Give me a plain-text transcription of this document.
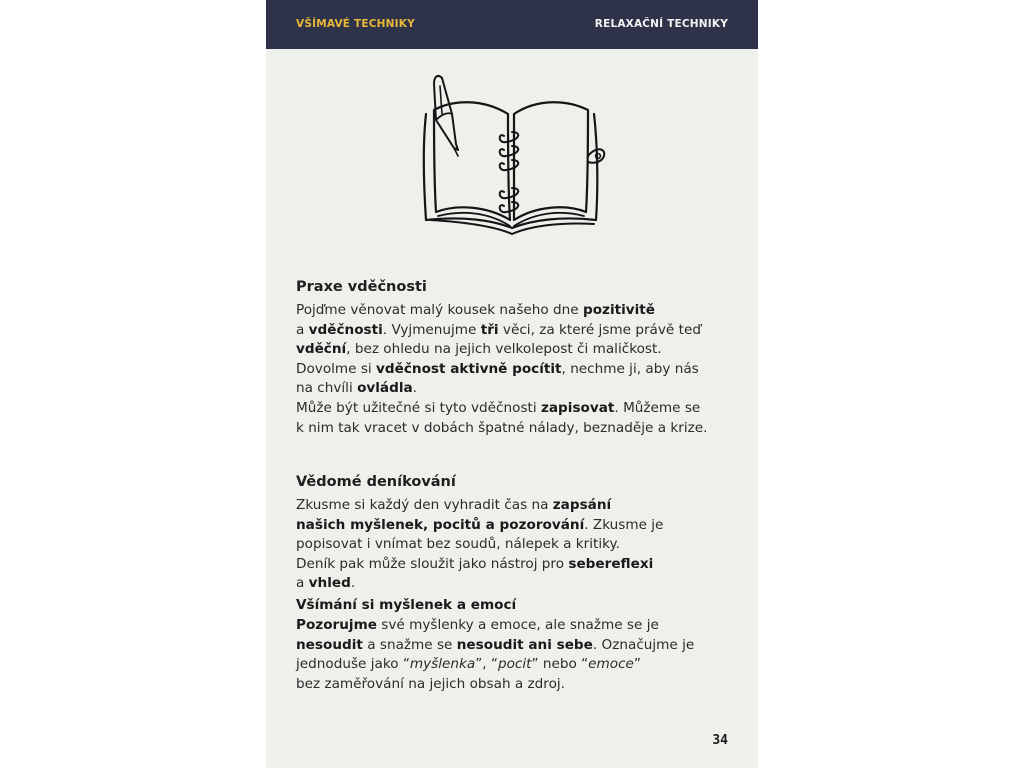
VŠÍMAVÉ TECHNIKY	RELAXAČNÍ TECHNIKY
Praxe vděčnosti
Pojďme věnovat malý kousek našeho dne pozitivitě
a vděčnosti. Vyjmenujme tři věci, za které jsme právě teď
vděční, bez ohledu na jejich velkolepost či maličkost.
Dovolme si vděčnost aktivně pocítit, nechme ji, aby nás
na chvíli ovládla.
Může být užitečné si tyto vděčnosti zapisovat. Můžeme se
k nim tak vracet v dobách špatné nálady, beznaděje a krize.
Vědomé deníkování
Zkusme si každý den vyhradit čas na zapsání
našich myšlenek, pocitů a pozorování. Zkusme je
popisovat i vnímat bez soudů, nálepek a kritiky.
Deník pak může sloužit jako nástroj pro sebereflexi
a vhled.
Všímání si myšlenek a emocí
Pozorujme své myšlenky a emoce, ale snažme se je
nesoudit a snažme se nesoudit ani sebe. Označujme je
jednoduše jako “myšlenka”, “pocit” nebo “emoce”
bez zaměřování na jejich obsah a zdroj.
34
